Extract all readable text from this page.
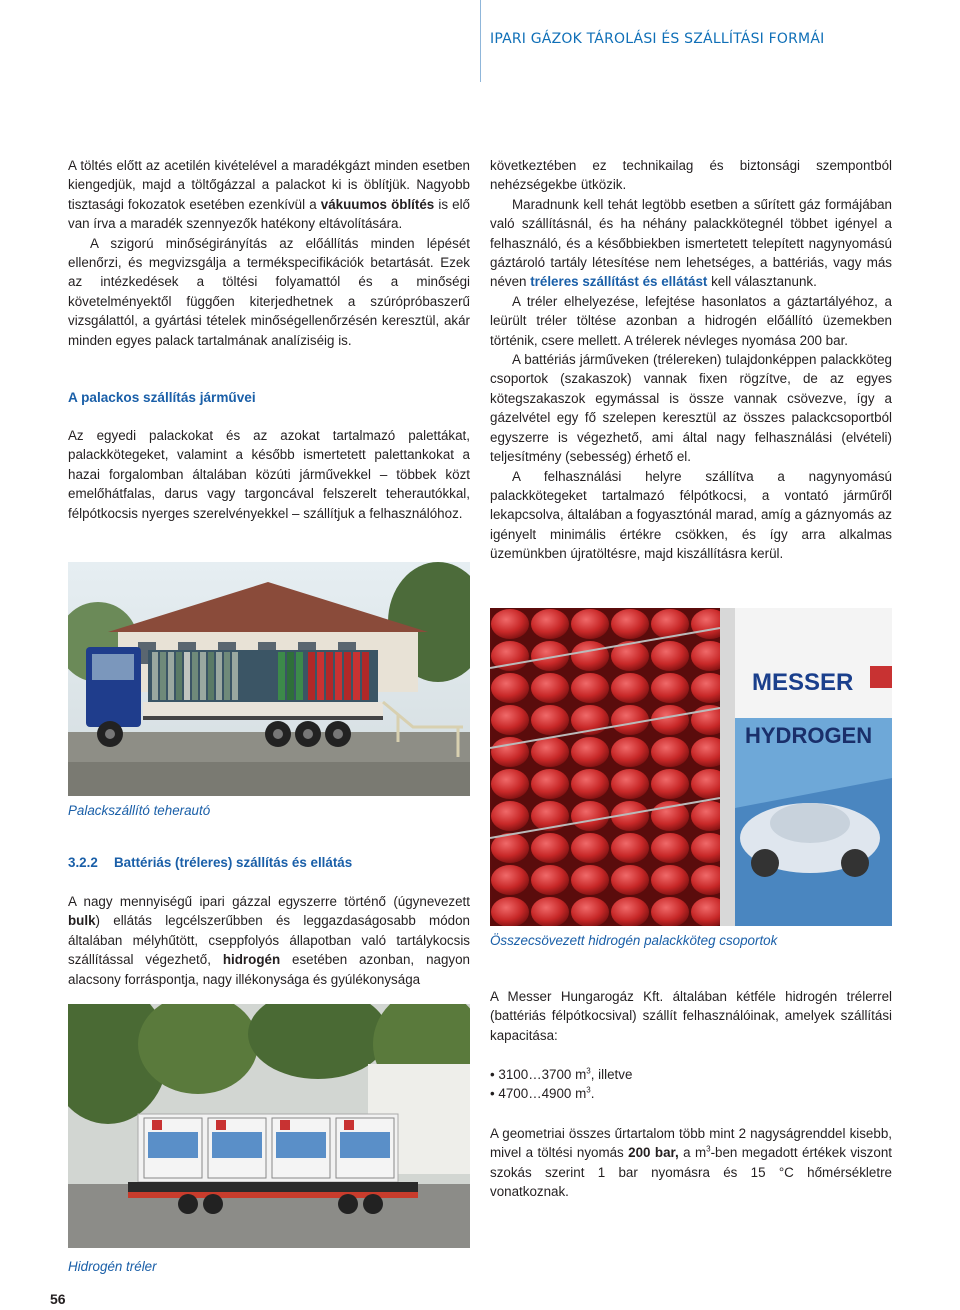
IPARI GÁZOK TÁROLÁSI ÉS SZÁLLÍTÁSI FORMÁI

A töltés előtt az acetilén kivételével a maradékgázt minden esetben kiengedjük, majd a töltőgázzal a palackot ki is öblítjük. Nagyobb tisztasági fokozatok esetében ezenkívül a vákuumos öblítés is elő van írva a maradék szennyezők hatékony eltávolítására.

A szigorú minőségirányítás az előállítás minden lépését ellenőrzi, és megvizsgálja a termékspecifikációk betartását. Ezek az intézkedések a töltési folyamattól és a minőségi követelményektől függően kiterjedhetnek a szúrópróbaszerű vizsgálattól, a gyártási tételek minőségellenőrzésén keresztül, akár minden egyes palack tartalmának analíziséig is.

A palackos szállítás járművei

Az egyedi palackokat és az azokat tartalmazó palettákat, palackkötegeket, valamint a később ismertetett palettankokat a hazai forgalomban általában közúti járművekkel – többek közt emelőhátfalas, darus vagy targoncával felszerelt teherautókkal, félpótkocsis nyerges szerelvényekkel – szállítjuk a felhasználóhoz.

Palackszállító teherautó
3.2.2 Battériás (tréleres) szállítás és ellátás

A nagy mennyiségű ipari gázzal egyszerre történő (úgynevezett bulk) ellátás legcélszerűbben és leggazdaságosabb módon általában mélyhűtött, cseppfolyós állapotban való tartálykocsis szállítással végezhető, hidrogén esetében azonban, nagyon alacsony forráspontja, nagy illékonysága és gyúlékonysága

Hidrogén tréler

következtében ez technikailag és biztonsági szempontból nehézségekbe ütközik.

Maradnunk kell tehát legtöbb esetben a sűrített gáz formájában való szállításnál, és ha néhány palackkötegnél többet igényel a felhasználó, és a későbbiekben ismertetett telepített nagynyomású gáztároló tartály létesítése nem lehetséges, a battériás, vagy más néven tréleres szállítást és ellátást kell választanunk.

A tréler elhelyezése, lefejtése hasonlatos a gáztartályéhoz, a leürült tréler töltése azonban a hidrogén előállító üzemekben történik, csere mellett. A trélerek névleges nyomása 200 bar.

A battériás járműveken (trélereken) tulajdonképpen palackköteg csoportok (szakaszok) vannak fixen rögzítve, de az egyes kötegszakaszok egymással is össze vannak csövezve, így a gázelvétel egy fő szelepen keresztül az összes palackcsoportból egyszerre is végezhető, ami által nagy felhasználási (elvételi) teljesítmény (sebesség) érhető el.

A felhasználási helyre szállítva a nagynyomású palackkötegeket tartalmazó félpótkocsi, a vontató járműről lekapcsolva, általában a fogyasztónál marad, amíg a gáznyomás az igényelt minimális értékre csökken, és így arra alkalmas üzemünkben újratöltésre, majd kiszállításra kerül.

MESSER
HYDROGEN
Összecsövezett hidrogén palackköteg csoportok

A Messer Hungarogáz Kft. általában kétféle hidrogén trélerrel (battériás félpótkocsival) szállít felhasználóinak, amelyek szállítási kapacitása:

• 3100…3700 $m^3$, illetve
• 4700…4900 $m^3$.

A geometriai összes űrtartalom több mint 2 nagyságrenddel kisebb, mivel a töltési nyomás 200 bar, a $m^3$-ben megadott értékek viszont szokás szerint 1 bar nyomásra és 15 °C hőmérsékletre vonatkoznak.

56
